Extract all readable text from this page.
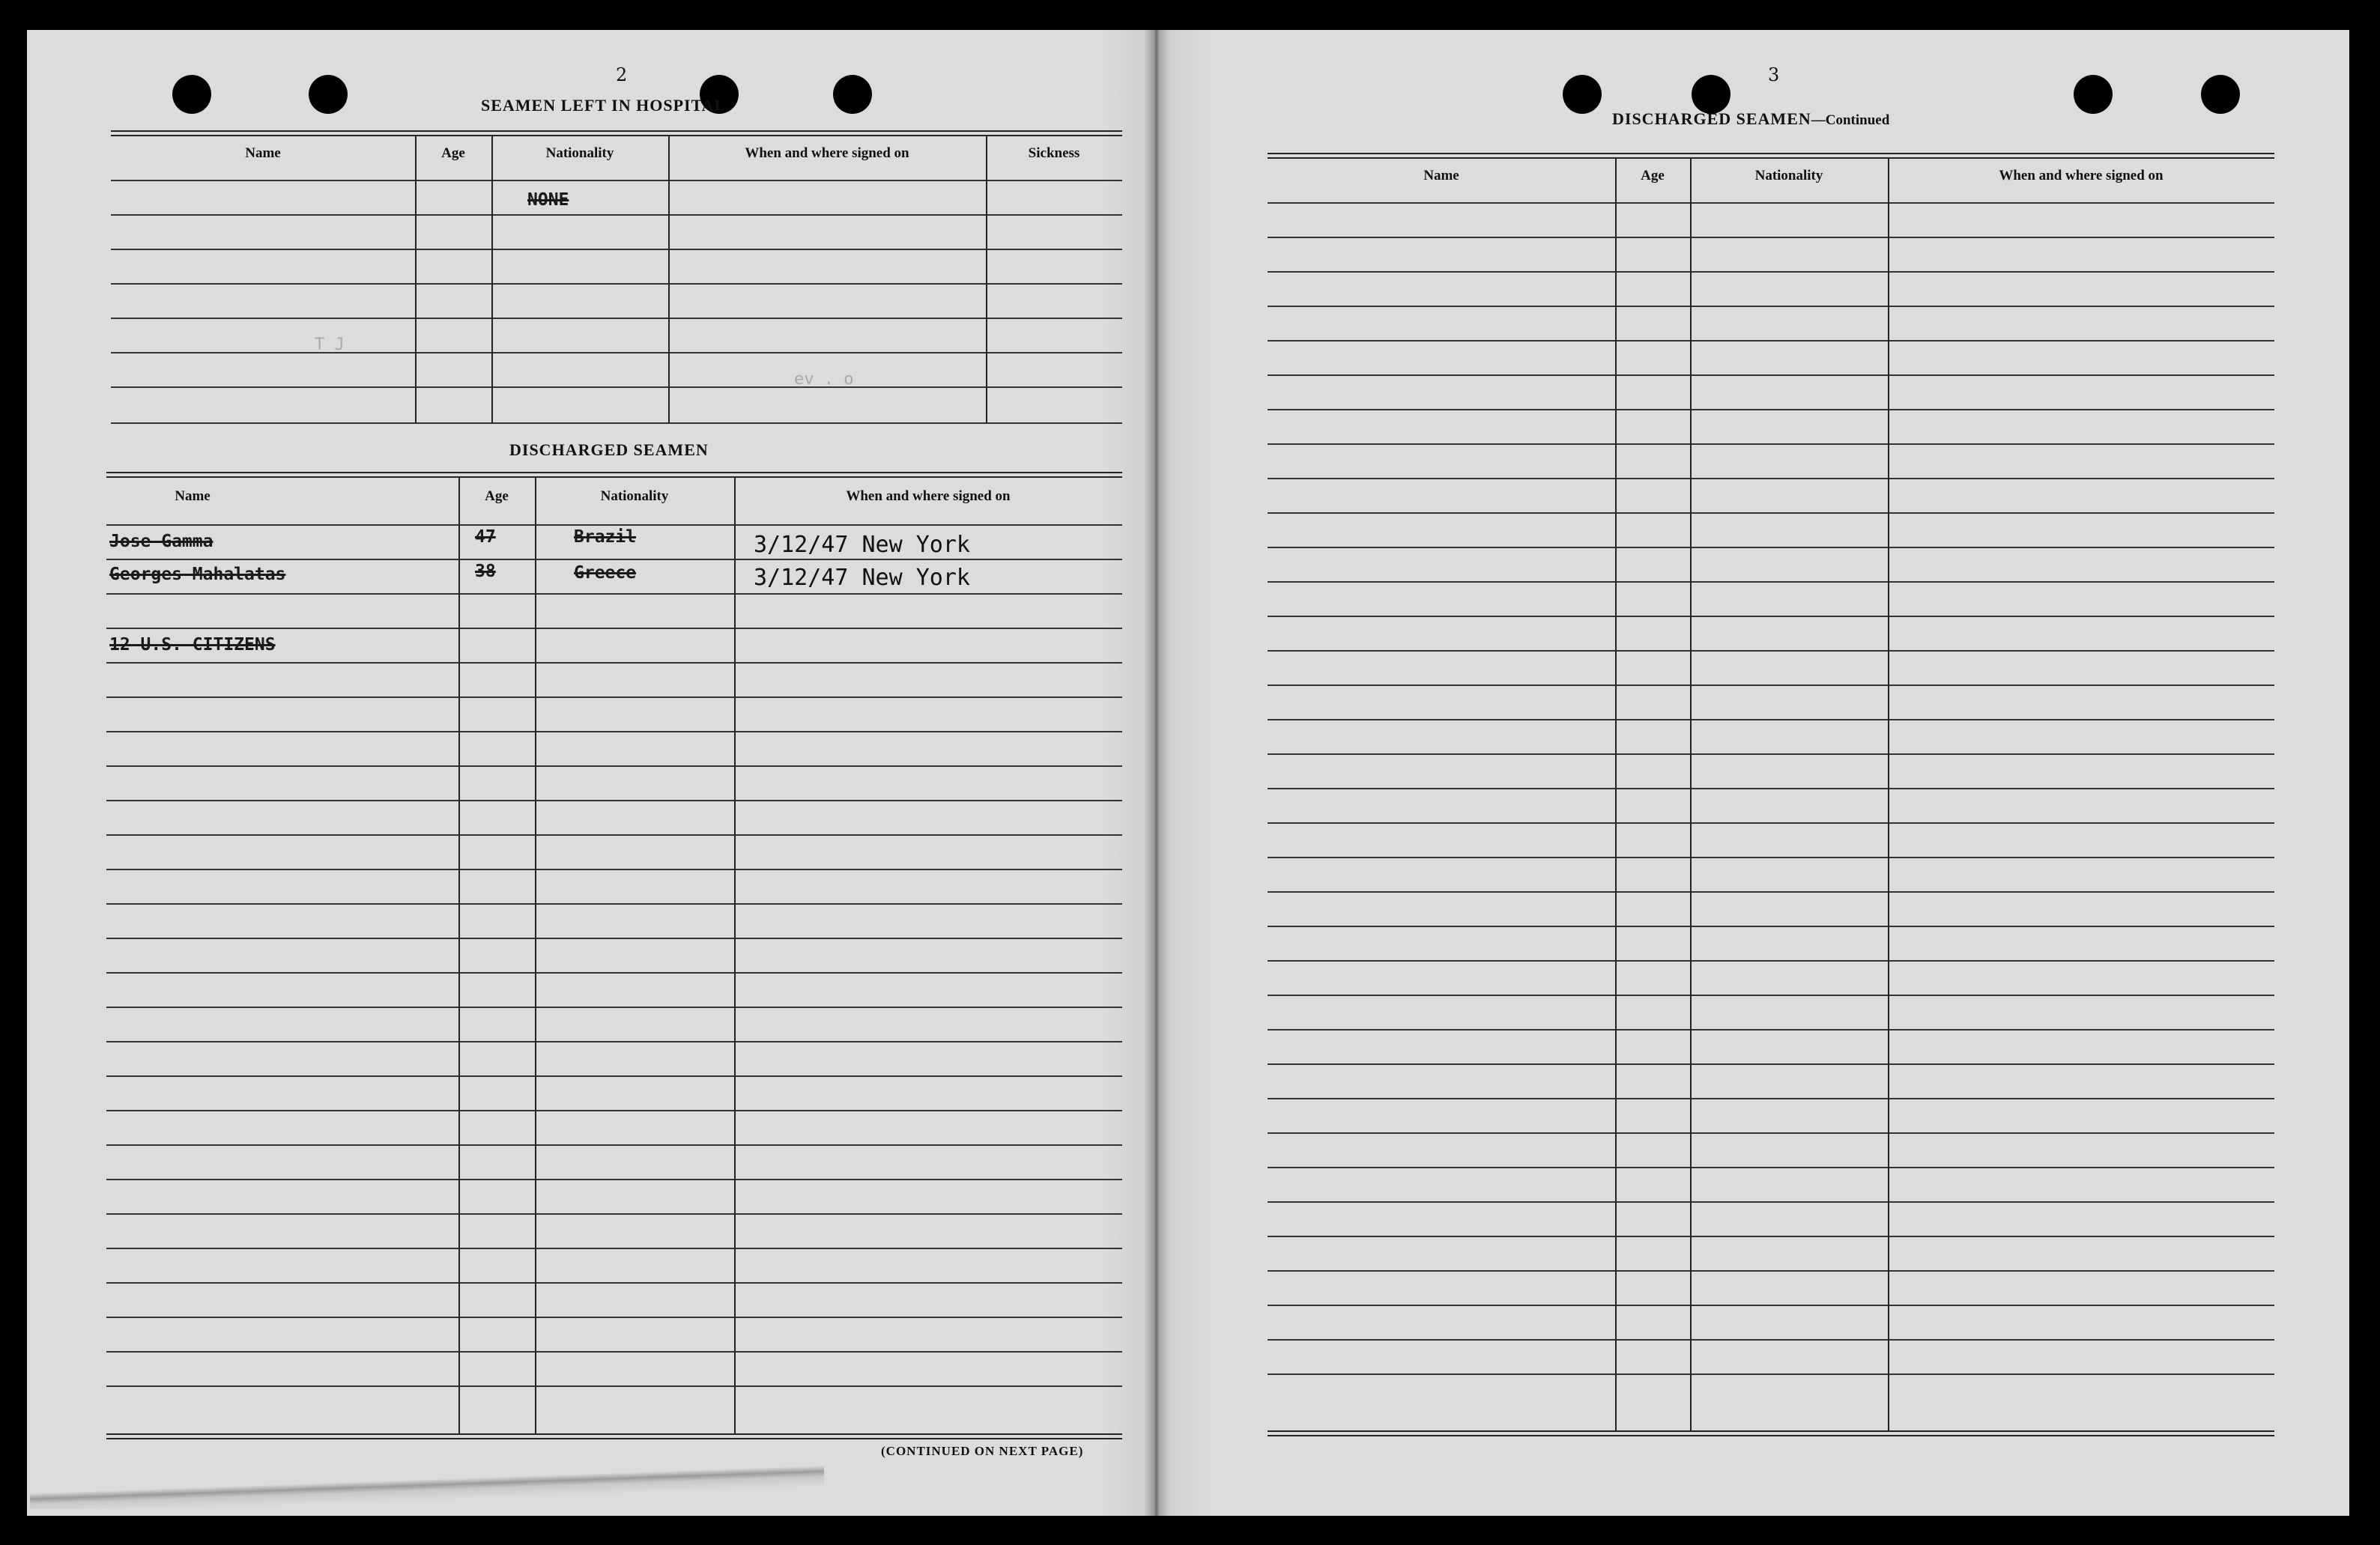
2
SEAMEN LEFT IN HOSPITAL
Name	Age	Nationality	When and where signed on	Sickness
NONE
T J
ev . o
DISCHARGED SEAMEN
Name	Age	Nationality	When and where signed on
Jose Gamma	47	Brazil	3/12/47 New York
Georges Mahalatas	38	Greece	3/12/47 New York
12 U.S. CITIZENS
(CONTINUED ON NEXT PAGE)
3
DISCHARGED SEAMEN—Continued
Name	Age	Nationality	When and where signed on
